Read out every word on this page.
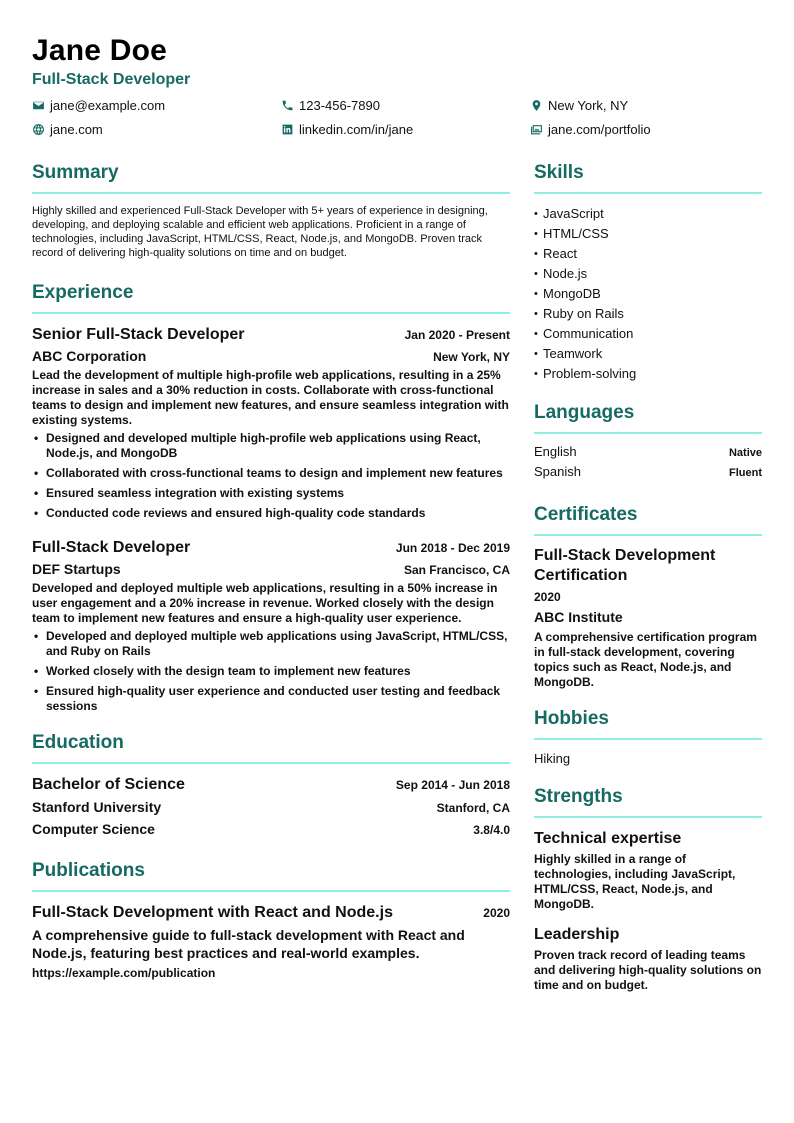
Jane Doe
Full-Stack Developer
jane@example.com	123-456-7890	New York, NY
jane.com	linkedin.com/in/jane	jane.com/portfolio
Summary
Highly skilled and experienced Full-Stack Developer with 5+ years of experience in designing, developing, and deploying scalable and efficient web applications. Proficient in a range of technologies, including JavaScript, HTML/CSS, React, Node.js, and MongoDB. Proven track record of delivering high-quality solutions on time and on budget.
Experience
Senior Full-Stack Developer	Jan 2020 - Present
ABC Corporation	New York, NY
Lead the development of multiple high-profile web applications, resulting in a 25% increase in sales and a 30% reduction in costs. Collaborate with cross-functional teams to design and implement new features, and ensure seamless integration with existing systems.
• Designed and developed multiple high-profile web applications using React, Node.js, and MongoDB
• Collaborated with cross-functional teams to design and implement new features
• Ensured seamless integration with existing systems
• Conducted code reviews and ensured high-quality code standards
Full-Stack Developer	Jun 2018 - Dec 2019
DEF Startups	San Francisco, CA
Developed and deployed multiple web applications, resulting in a 50% increase in user engagement and a 20% increase in revenue. Worked closely with the design team to implement new features and ensure a high-quality user experience.
• Developed and deployed multiple web applications using JavaScript, HTML/CSS, and Ruby on Rails
• Worked closely with the design team to implement new features
• Ensured high-quality user experience and conducted user testing and feedback sessions
Education
Bachelor of Science	Sep 2014 - Jun 2018
Stanford University	Stanford, CA
Computer Science	3.8/4.0
Publications
Full-Stack Development with React and Node.js	2020
A comprehensive guide to full-stack development with React and Node.js, featuring best practices and real-world examples.
https://example.com/publication
Skills
• JavaScript
• HTML/CSS
• React
• Node.js
• MongoDB
• Ruby on Rails
• Communication
• Teamwork
• Problem-solving
Languages
English	Native
Spanish	Fluent
Certificates
Full-Stack Development Certification
2020
ABC Institute
A comprehensive certification program in full-stack development, covering topics such as React, Node.js, and MongoDB.
Hobbies
Hiking
Strengths
Technical expertise
Highly skilled in a range of technologies, including JavaScript, HTML/CSS, React, Node.js, and MongoDB.
Leadership
Proven track record of leading teams and delivering high-quality solutions on time and on budget.
